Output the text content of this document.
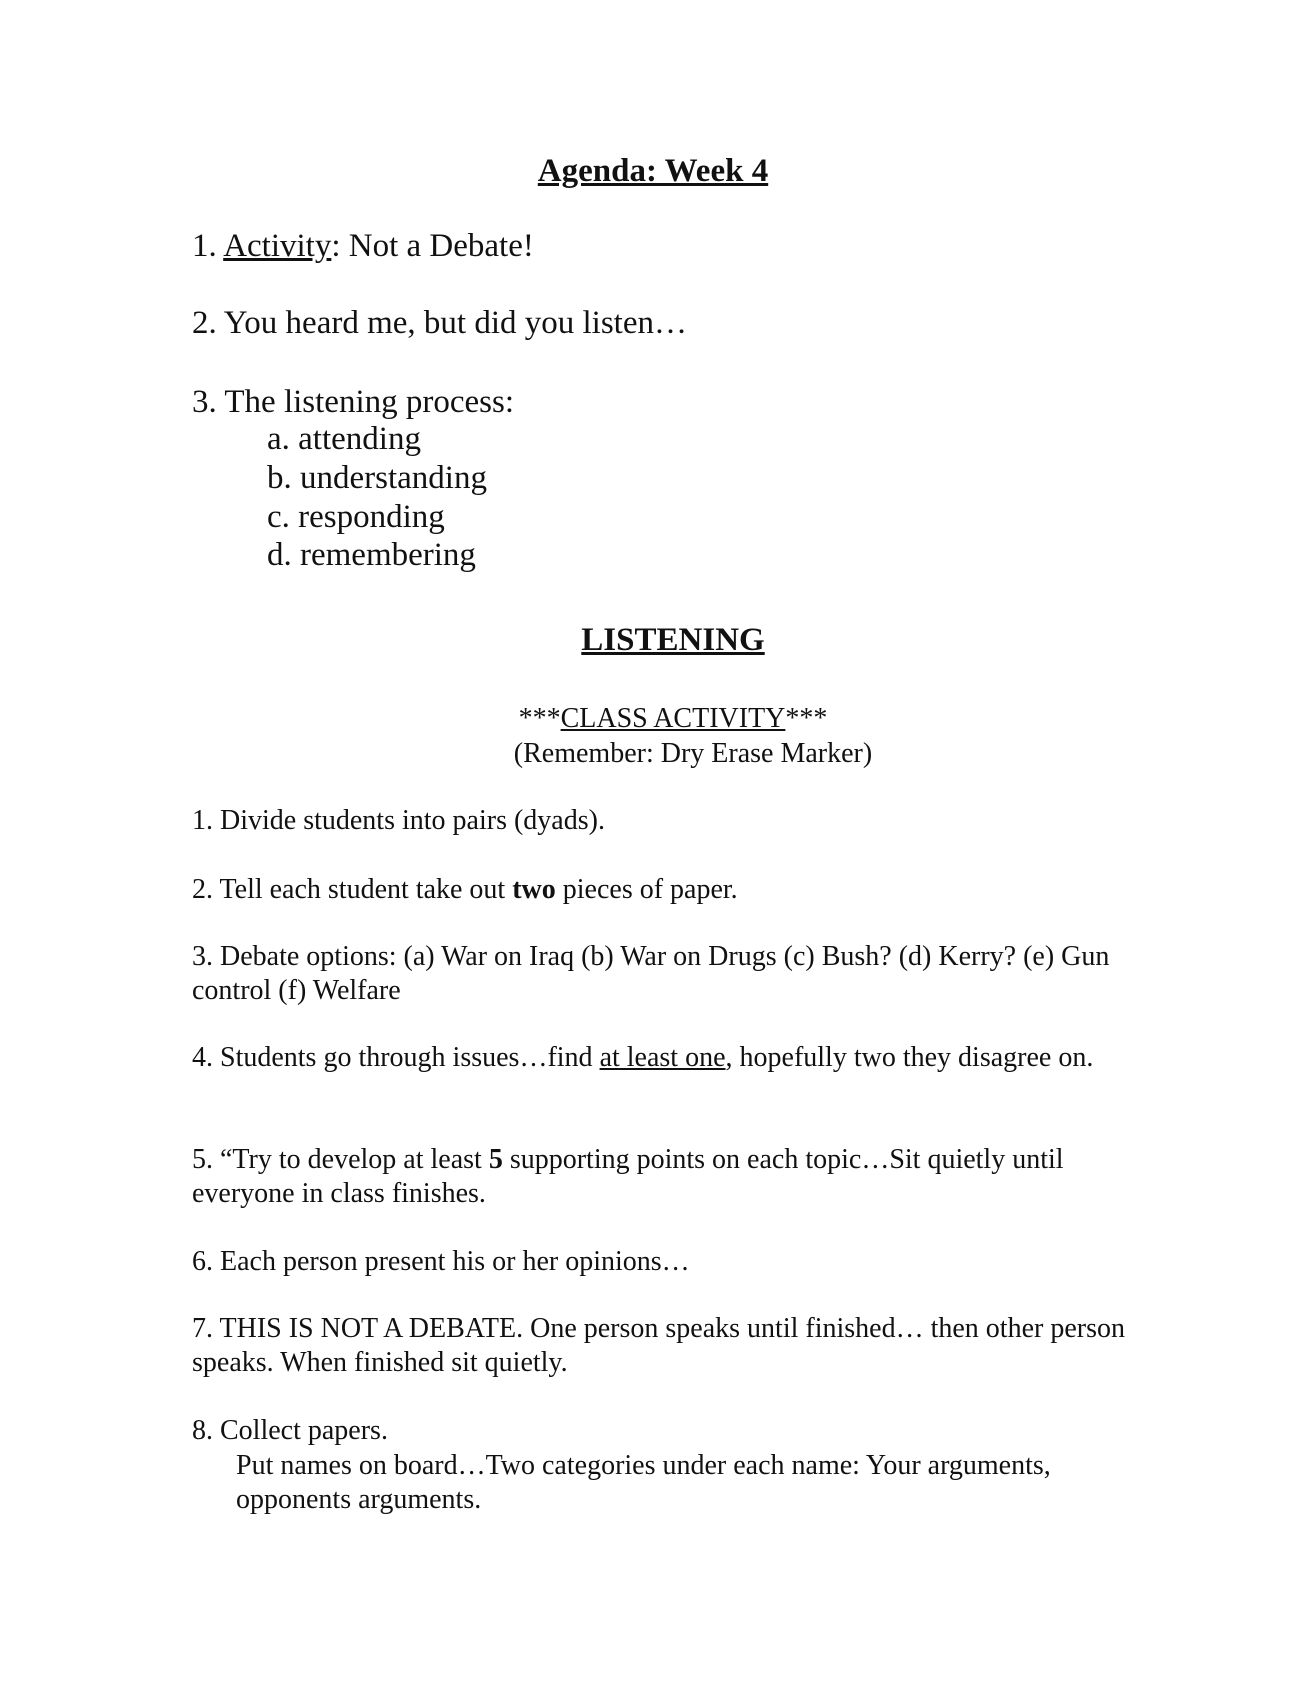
Agenda: Week 4
1. Activity: Not a Debate!
2. You heard me, but did you listen…
3. The listening process:
a. attending
b. understanding
c. responding
d. remembering
LISTENING
***CLASS ACTIVITY***
(Remember: Dry Erase Marker)
1. Divide students into pairs (dyads).
2. Tell each student take out two pieces of paper.
3. Debate options: (a) War on Iraq (b) War on Drugs (c) Bush? (d) Kerry? (e) Gun control (f) Welfare
4. Students go through issues…find at least one, hopefully two they disagree on.
5. “Try to develop at least 5 supporting points on each topic…Sit quietly until everyone in class finishes.
6. Each person present his or her opinions…
7. THIS IS NOT A DEBATE. One person speaks until finished… then other person speaks. When finished sit quietly.
8. Collect papers.
Put names on board…Two categories under each name: Your arguments, opponents arguments.
